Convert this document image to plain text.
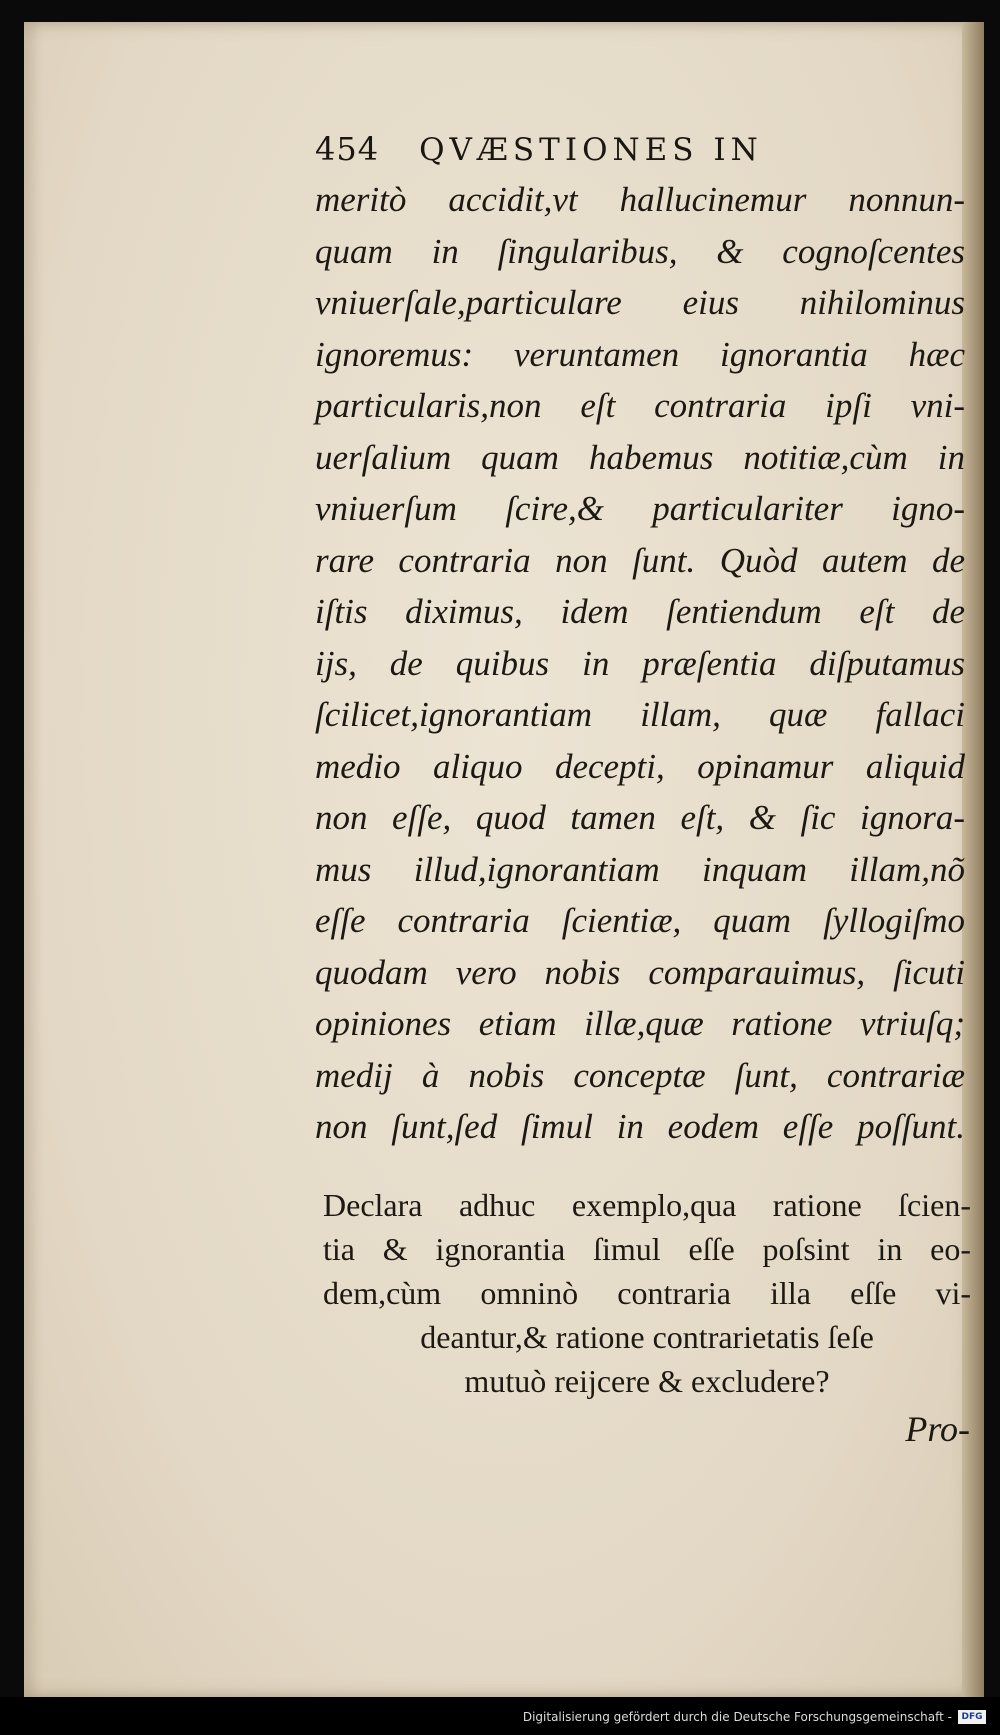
454 QVÆSTIONES IN
meritò accidit,vt hallucinemur nonnun-
quam in ſingularibus, & cognoſcentes
vniuerſale,particulare eius nihilominus
ignoremus: veruntamen ignorantia hæc
particularis,non eſt contraria ipſi vni-
uerſalium quam habemus notitiæ,cùm in
vniuerſum ſcire,& particulariter igno-
rare contraria non ſunt. Quòd autem de
iſtis diximus, idem ſentiendum eſt de
ijs, de quibus in præſentia diſputamus
ſcilicet,ignorantiam illam, quæ fallaci
medio aliquo decepti, opinamur aliquid
non eſſe, quod tamen eſt, & ſic ignora-
mus illud,ignorantiam inquam illam,nõ
eſſe contraria ſcientiæ, quam ſyllogiſmo
quodam vero nobis comparauimus, ſicuti
opiniones etiam illæ,quæ ratione vtriuſq;
medij à nobis conceptæ ſunt, contrariæ
non ſunt,ſed ſimul in eodem eſſe poſſunt.
Declara adhuc exemplo,qua ratione ſcien-
tia & ignorantia ſimul eſſe poſsint in eo-
dem,cùm omninò contraria illa eſſe vi-
deantur,& ratione contrarietatis ſeſe
mutuò reijcere & excludere?
Pro-
Digitalisierung gefördert durch die Deutsche Forschungsgemeinschaft -	DFG
